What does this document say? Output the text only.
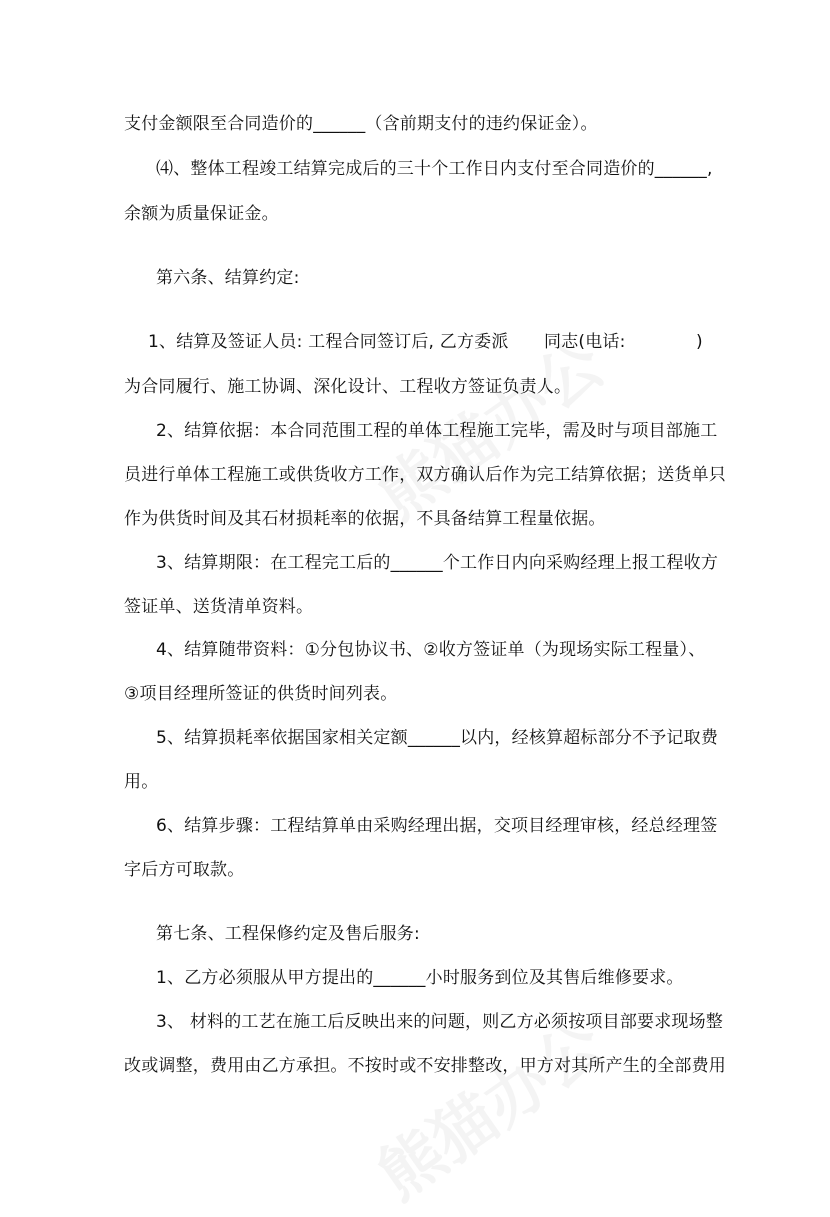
支付金额限至合同造价的______（含前期支付的违约保证金）。
⑷、整体工程竣工结算完成后的三十个工作日内支付至合同造价的______,
余额为质量保证金。
第六条、结算约定:
1、结算及签证人员: 工程合同签订后, 乙方委派 同志(电话:	)
为合同履行、施工协调、深化设计、工程收方签证负责人。
2、结算依据：本合同范围工程的单体工程施工完毕，需及时与项目部施工
员进行单体工程施工或供货收方工作，双方确认后作为完工结算依据；送货单只
作为供货时间及其石材损耗率的依据，不具备结算工程量依据。
3、结算期限：在工程完工后的______个工作日内向采购经理上报工程收方
签证单、送货清单资料。
4、结算随带资料：①分包协议书、②收方签证单（为现场实际工程量）、
③项目经理所签证的供货时间列表。
5、结算损耗率依据国家相关定额______以内，经核算超标部分不予记取费
用。
6、结算步骤：工程结算单由采购经理出据，交项目经理审核，经总经理签
字后方可取款。
第七条、工程保修约定及售后服务:
1、乙方必须服从甲方提出的______小时服务到位及其售后维修要求。
3、 材料的工艺在施工后反映出来的问题，则乙方必须按项目部要求现场整
改或调整，费用由乙方承担。不按时或不安排整改，甲方对其所产生的全部费用
